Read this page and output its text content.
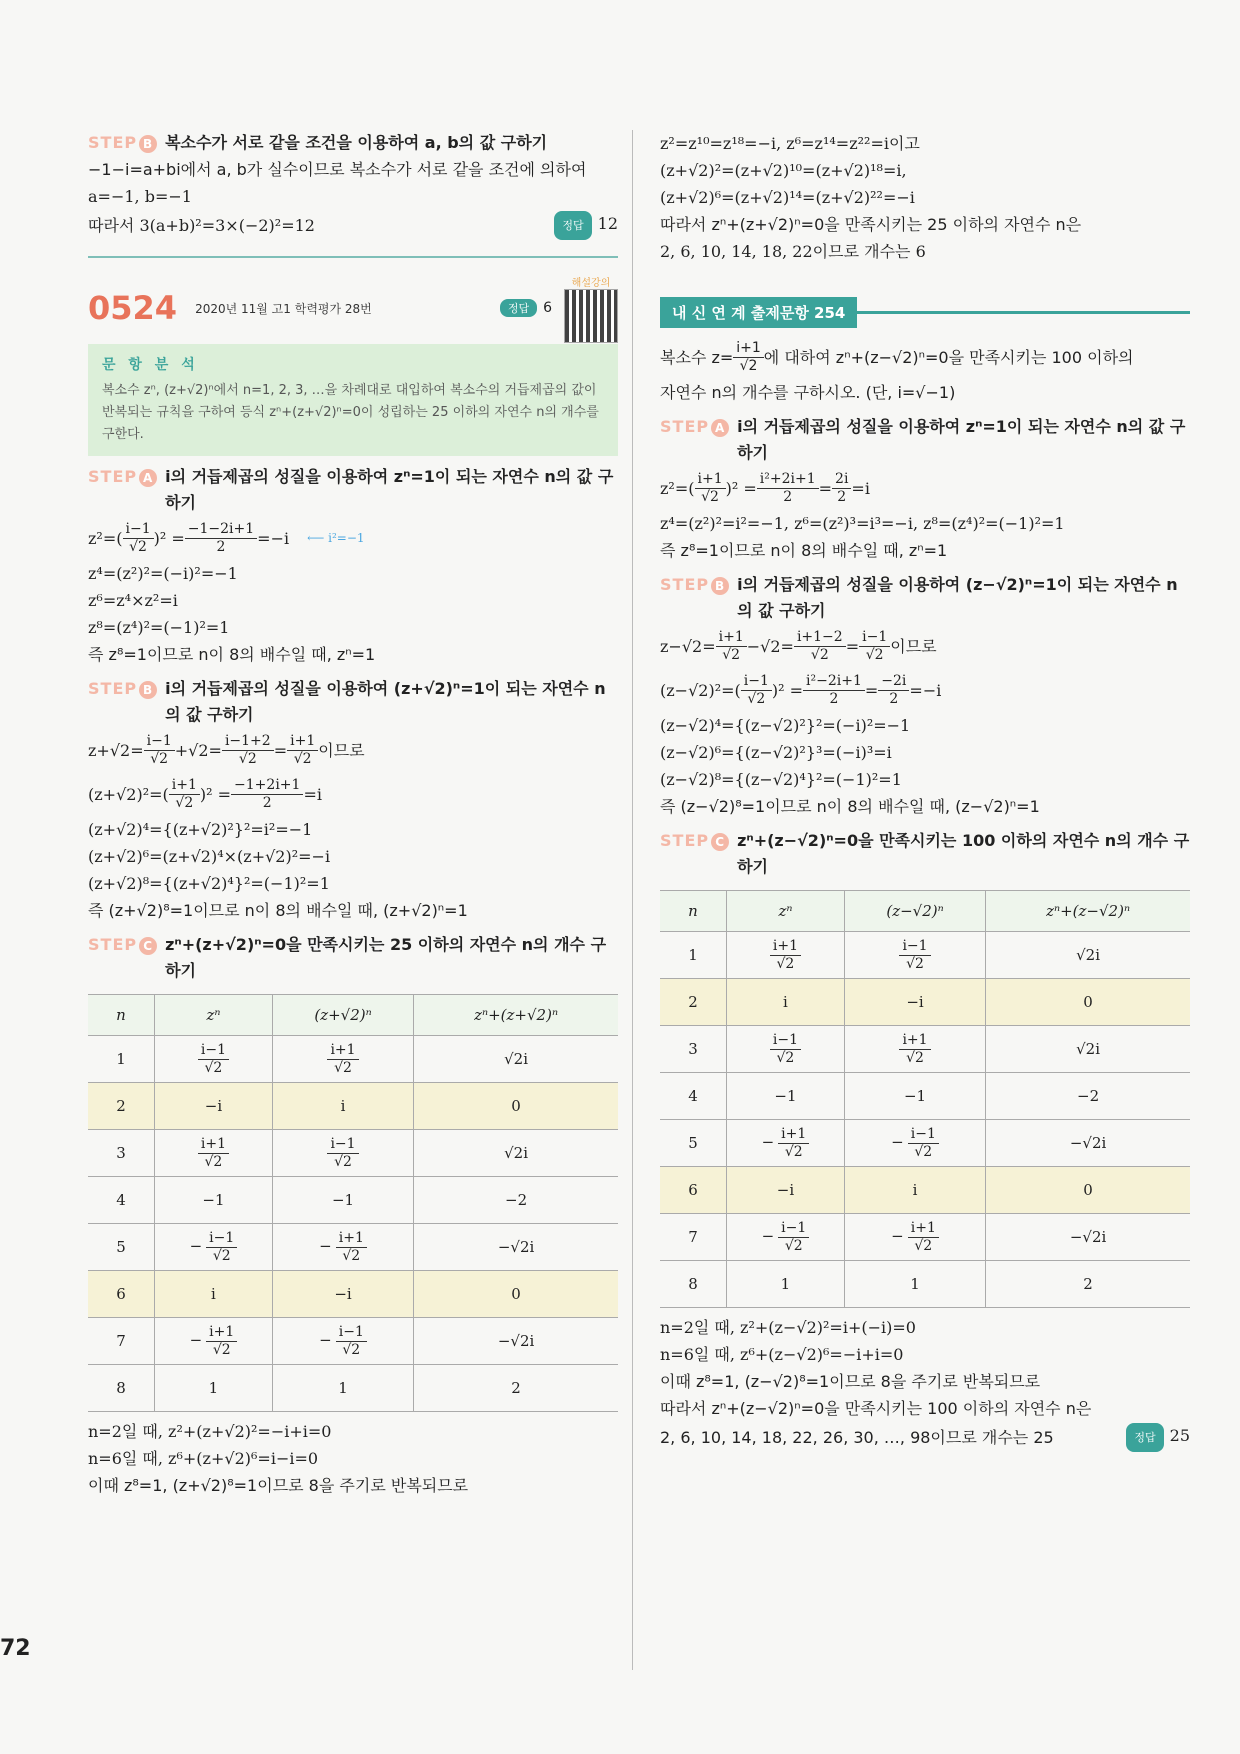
72
STEP B 복소수가 서로 같을 조건을 이용하여 a, b의 값 구하기
−1−i=a+bi에서 a, b가 실수이므로 복소수가 서로 같을 조건에 의하여
a=−1, b=−1
따라서 3(a+b)²=3×(−2)²=12	정답 12
0524 2020년 11월 고1 학력평가 28번	정답	6
해설강의
문 항 분 석
복소수 zⁿ, (z+√2)ⁿ에서 n=1, 2, 3, …을 차례대로 대입하여 복소수의 거듭제곱의 값이 반복되는 규칙을 구하여 등식 zⁿ+(z+√2)ⁿ=0이 성립하는 25 이하의 자연수 n의 개수를 구한다.
STEP A i의 거듭제곱의 성질을 이용하여 zⁿ=1이 되는 자연수 n의 값 구하기
$z^2=( \frac{i-1}{√2} )^2 = \frac{-1-2i+1}{2} =-i$ ⟵ i²=−1
z⁴=(z²)²=(−i)²=−1
z⁶=z⁴×z²=i
z⁸=(z⁴)²=(−1)²=1
즉 z⁸=1이므로 n이 8의 배수일 때, zⁿ=1
STEP B i의 거듭제곱의 성질을 이용하여 (z+√2)ⁿ=1이 되는 자연수 n의 값 구하기
$z+√2= \frac{i-1}{√2} +√2= \frac{i-1+2}{√2} = \frac{i+1}{√2}$ 이므로
$(z+√2)^2=( \frac{i+1}{√2} )^2 = \frac{-1+2i+1}{2} =i$
(z+√2)⁴={(z+√2)²}²=i²=−1
(z+√2)⁶=(z+√2)⁴×(z+√2)²=−i
(z+√2)⁸={(z+√2)⁴}²=(−1)²=1
즉 (z+√2)⁸=1이므로 n이 8의 배수일 때, (z+√2)ⁿ=1
STEP C zⁿ+(z+√2)ⁿ=0을 만족시키는 25 이하의 자연수 n의 개수 구하기
n	zⁿ	(z+√2)ⁿ	zⁿ+(z+√2)ⁿ
1	$\frac{i-1}{√2}$	$\frac{i+1}{√2}$	√2i
2	−i	i	0
3	$\frac{i+1}{√2}$	$\frac{i-1}{√2}$	√2i
4	−1	−1	−2
5	− $\frac{i-1}{√2}$	− $\frac{i+1}{√2}$	−√2i
6	i	−i	0
7	− $\frac{i+1}{√2}$	− $\frac{i-1}{√2}$	−√2i
8	1	1	2
n=2일 때, z²+(z+√2)²=−i+i=0
n=6일 때, z⁶+(z+√2)⁶=i−i=0
이때 z⁸=1, (z+√2)⁸=1이므로 8을 주기로 반복되므로
z²=z¹⁰=z¹⁸=−i, z⁶=z¹⁴=z²²=i이고
(z+√2)²=(z+√2)¹⁰=(z+√2)¹⁸=i,
(z+√2)⁶=(z+√2)¹⁴=(z+√2)²²=−i
따라서 zⁿ+(z+√2)ⁿ=0을 만족시키는 25 이하의 자연수 n은
2, 6, 10, 14, 18, 22이므로 개수는 6
내 신 연 계 출제문항 254
복소수 $z= \frac{i+1}{√2}$ 에 대하여 zⁿ+(z−√2)ⁿ=0을 만족시키는 100 이하의
자연수 n의 개수를 구하시오. (단, i=√−1)
STEP A i의 거듭제곱의 성질을 이용하여 zⁿ=1이 되는 자연수 n의 값 구하기
$z^2=( \frac{i+1}{√2} )^2 = \frac{\text{i²+2i+1}}{2} = \frac{2i}{2} =i$
z⁴=(z²)²=i²=−1, z⁶=(z²)³=i³=−i, z⁸=(z⁴)²=(−1)²=1
즉 z⁸=1이므로 n이 8의 배수일 때, zⁿ=1
STEP B i의 거듭제곱의 성질을 이용하여 (z−√2)ⁿ=1이 되는 자연수 n의 값 구하기
$z-√2= \frac{i+1}{√2} -√2= \frac{i+1-2}{√2} = \frac{i-1}{√2}$ 이므로
$(z-√2)^2=( \frac{i-1}{√2} )^2 = \frac{\text{i²−2i+1}}{2} = \frac{-2i}{2} =-i$
(z−√2)⁴={(z−√2)²}²=(−i)²=−1
(z−√2)⁶={(z−√2)²}³=(−i)³=i
(z−√2)⁸={(z−√2)⁴}²=(−1)²=1
즉 (z−√2)⁸=1이므로 n이 8의 배수일 때, (z−√2)ⁿ=1
STEP C zⁿ+(z−√2)ⁿ=0을 만족시키는 100 이하의 자연수 n의 개수 구하기
n	zⁿ	(z−√2)ⁿ	zⁿ+(z−√2)ⁿ
1	$\frac{i+1}{√2}$	$\frac{i-1}{√2}$	√2i
2	i	−i	0
3	$\frac{i-1}{√2}$	$\frac{i+1}{√2}$	√2i
4	−1	−1	−2
5	− $\frac{i+1}{√2}$	− $\frac{i-1}{√2}$	−√2i
6	−i	i	0
7	− $\frac{i-1}{√2}$	− $\frac{i+1}{√2}$	−√2i
8	1	1	2
n=2일 때, z²+(z−√2)²=i+(−i)=0
n=6일 때, z⁶+(z−√2)⁶=−i+i=0
이때 z⁸=1, (z−√2)⁸=1이므로 8을 주기로 반복되므로
따라서 zⁿ+(z−√2)ⁿ=0을 만족시키는 100 이하의 자연수 n은
2, 6, 10, 14, 18, 22, 26, 30, …, 98이므로 개수는 25	정답 25
